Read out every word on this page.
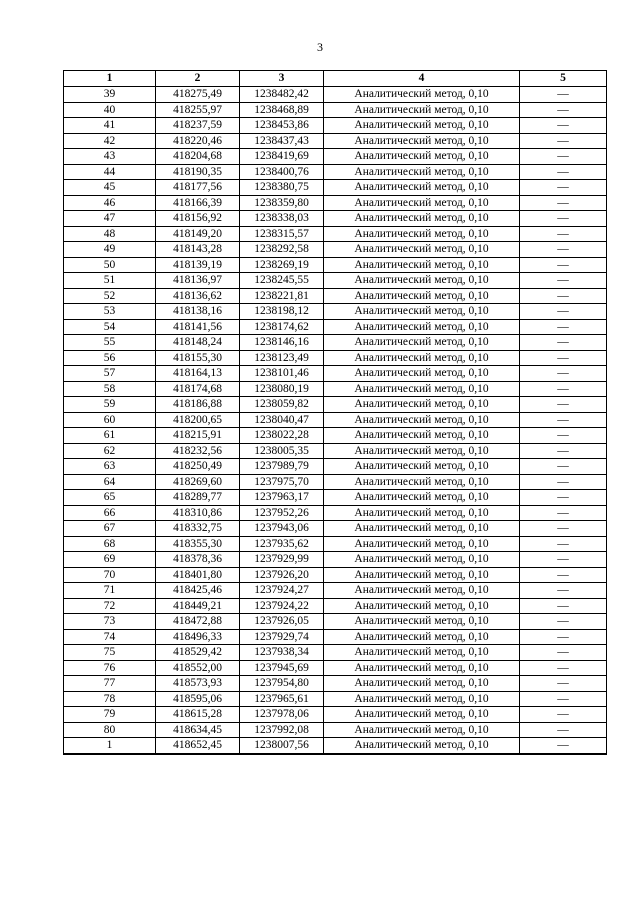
3
1	2	3	4	5
39	418275,49	1238482,42	Аналитический метод, 0,10	—
40	418255,97	1238468,89	Аналитический метод, 0,10	—
41	418237,59	1238453,86	Аналитический метод, 0,10	—
42	418220,46	1238437,43	Аналитический метод, 0,10	—
43	418204,68	1238419,69	Аналитический метод, 0,10	—
44	418190,35	1238400,76	Аналитический метод, 0,10	—
45	418177,56	1238380,75	Аналитический метод, 0,10	—
46	418166,39	1238359,80	Аналитический метод, 0,10	—
47	418156,92	1238338,03	Аналитический метод, 0,10	—
48	418149,20	1238315,57	Аналитический метод, 0,10	—
49	418143,28	1238292,58	Аналитический метод, 0,10	—
50	418139,19	1238269,19	Аналитический метод, 0,10	—
51	418136,97	1238245,55	Аналитический метод, 0,10	—
52	418136,62	1238221,81	Аналитический метод, 0,10	—
53	418138,16	1238198,12	Аналитический метод, 0,10	—
54	418141,56	1238174,62	Аналитический метод, 0,10	—
55	418148,24	1238146,16	Аналитический метод, 0,10	—
56	418155,30	1238123,49	Аналитический метод, 0,10	—
57	418164,13	1238101,46	Аналитический метод, 0,10	—
58	418174,68	1238080,19	Аналитический метод, 0,10	—
59	418186,88	1238059,82	Аналитический метод, 0,10	—
60	418200,65	1238040,47	Аналитический метод, 0,10	—
61	418215,91	1238022,28	Аналитический метод, 0,10	—
62	418232,56	1238005,35	Аналитический метод, 0,10	—
63	418250,49	1237989,79	Аналитический метод, 0,10	—
64	418269,60	1237975,70	Аналитический метод, 0,10	—
65	418289,77	1237963,17	Аналитический метод, 0,10	—
66	418310,86	1237952,26	Аналитический метод, 0,10	—
67	418332,75	1237943,06	Аналитический метод, 0,10	—
68	418355,30	1237935,62	Аналитический метод, 0,10	—
69	418378,36	1237929,99	Аналитический метод, 0,10	—
70	418401,80	1237926,20	Аналитический метод, 0,10	—
71	418425,46	1237924,27	Аналитический метод, 0,10	—
72	418449,21	1237924,22	Аналитический метод, 0,10	—
73	418472,88	1237926,05	Аналитический метод, 0,10	—
74	418496,33	1237929,74	Аналитический метод, 0,10	—
75	418529,42	1237938,34	Аналитический метод, 0,10	—
76	418552,00	1237945,69	Аналитический метод, 0,10	—
77	418573,93	1237954,80	Аналитический метод, 0,10	—
78	418595,06	1237965,61	Аналитический метод, 0,10	—
79	418615,28	1237978,06	Аналитический метод, 0,10	—
80	418634,45	1237992,08	Аналитический метод, 0,10	—
1	418652,45	1238007,56	Аналитический метод, 0,10	—
